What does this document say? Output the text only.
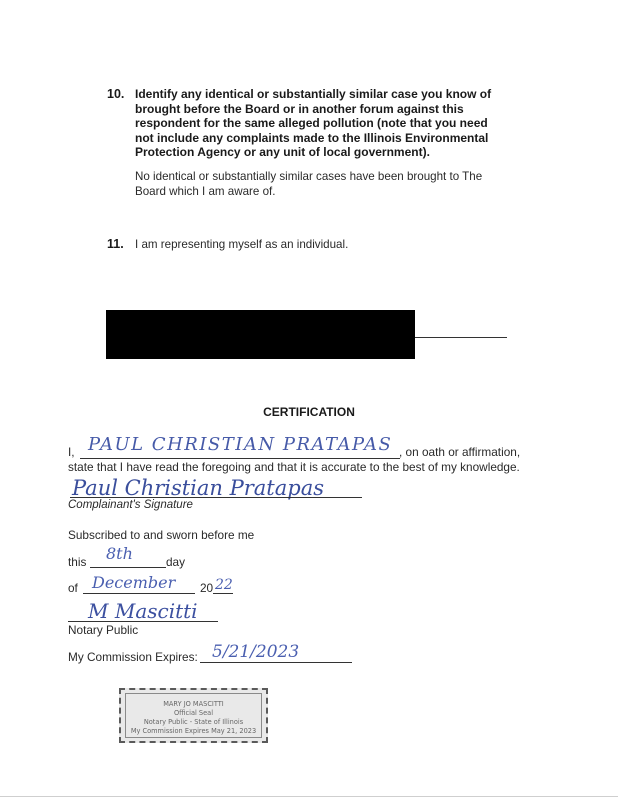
10. Identify any identical or substantially similar case you know of
brought before the Board or in another forum against this
respondent for the same alleged pollution (note that you need
not include any complaints made to the Illinois Environmental
Protection Agency or any unit of local government).
No identical or substantially similar cases have been brought to The
Board which I am aware of.
11. I am representing myself as an individual.
CERTIFICATION
I, PAUL CHRISTIAN PRATAPAS , on oath or affirmation,
state that I have read the foregoing and that it is accurate to the best of my knowledge.
Paul Christian Pratapas
Complainant's Signature
Subscribed to and sworn before me
this 8th	day
of December 20 22
M Mascitti
Notary Public
My Commission Expires: 5/21/2023
MARY JO MASCITTI
Official Seal
Notary Public - State of Illinois
My Commission Expires May 21, 2023
